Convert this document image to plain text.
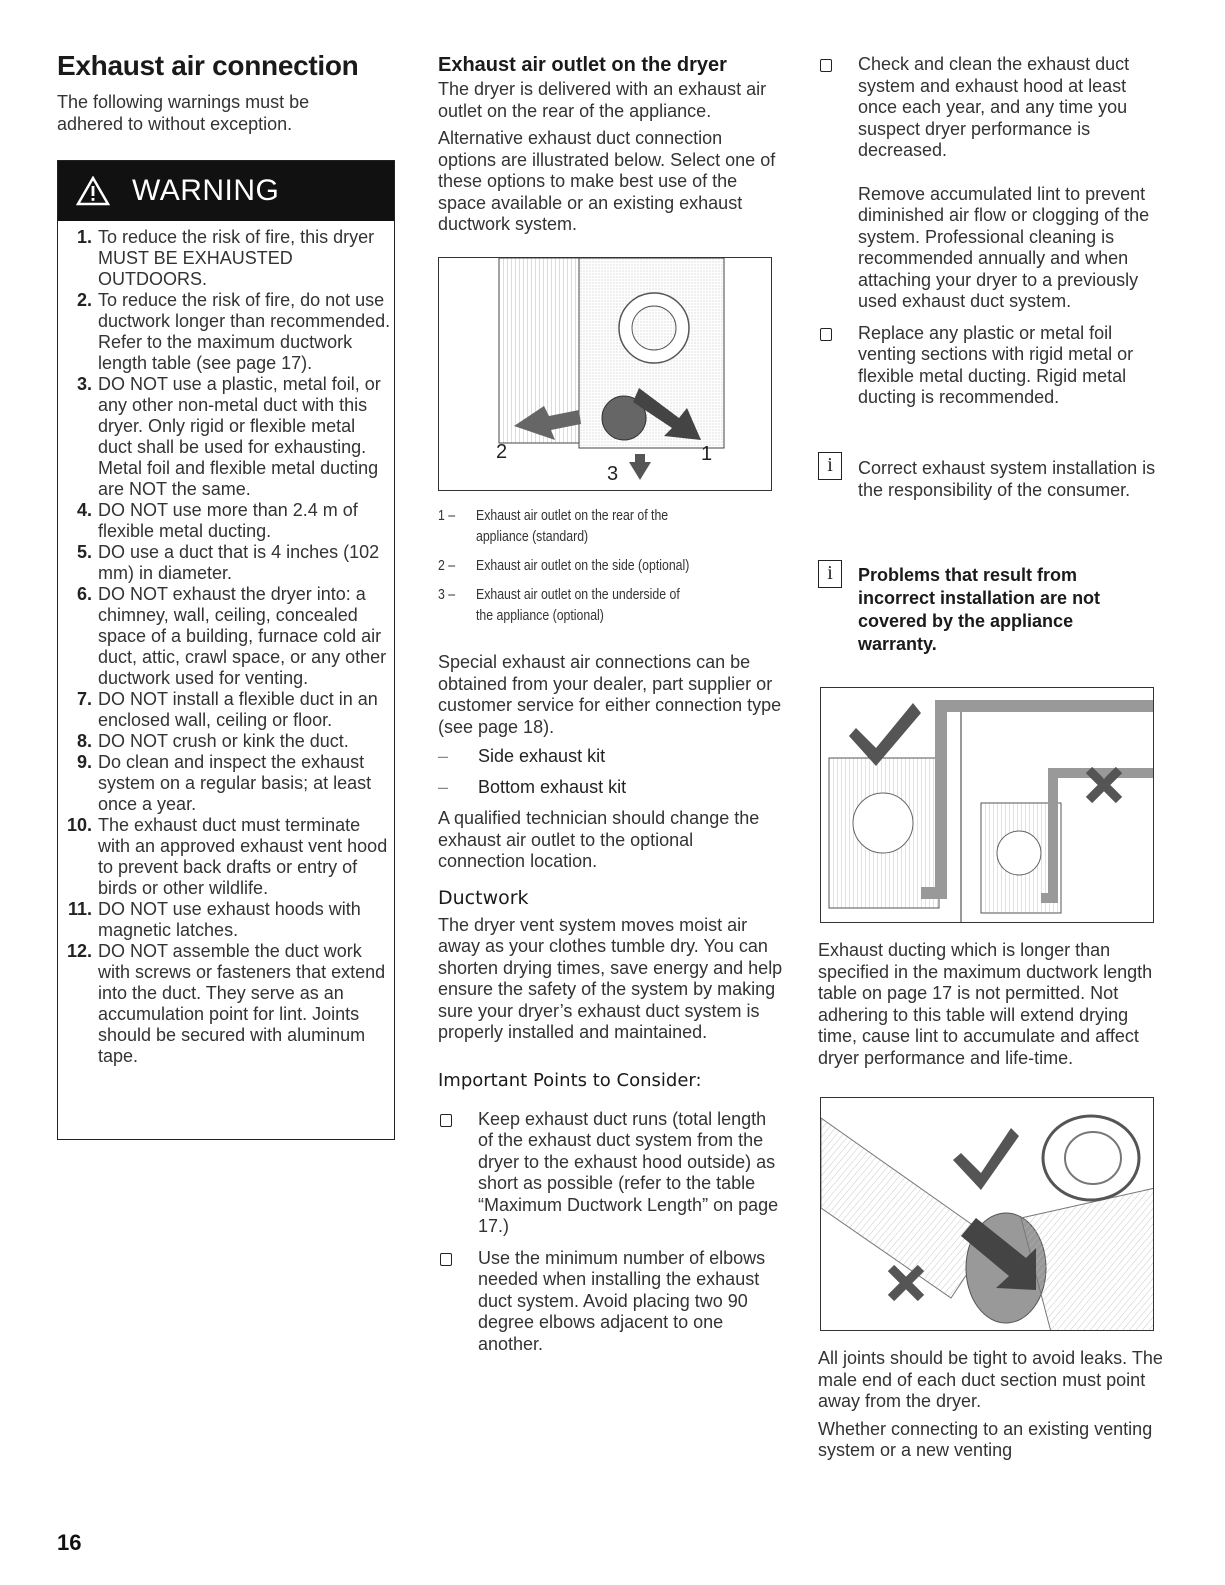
Exhaust air connection

The following warnings must be adhered to without exception.

WARNING
1. To reduce the risk of fire, this dryer MUST BE EXHAUSTED OUTDOORS.
2. To reduce the risk of fire, do not use ductwork longer than recommended. Refer to the maximum ductwork length table (see page 17).
3. DO NOT use a plastic, metal foil, or any other non-metal duct with this dryer. Only rigid or flexible metal duct shall be used for exhausting. Metal foil and flexible metal ducting are NOT the same.
4. DO NOT use more than 2.4 m of flexible metal ducting.
5. DO use a duct that is 4 inches (102 mm) in diameter.
6. DO NOT exhaust the dryer into: a chimney, wall, ceiling, concealed space of a building, furnace cold air duct, attic, crawl space, or any other ductwork used for venting.
7. DO NOT install a flexible duct in an enclosed wall, ceiling or floor.
8. DO NOT crush or kink the duct.
9. Do clean and inspect the exhaust system on a regular basis; at least once a year.
10. The exhaust duct must terminate with an approved exhaust vent hood to prevent back drafts or entry of birds or other wildlife.
11. DO NOT use exhaust hoods with magnetic latches.
12. DO NOT assemble the duct work with screws or fasteners that extend into the duct. They serve as an accumulation point for lint. Joints should be secured with aluminum tape.

Exhaust air outlet on the dryer

The dryer is delivered with an exhaust air outlet on the rear of the appliance.

Alternative exhaust duct connection options are illustrated below. Select one of these options to make best use of the space available or an existing exhaust ductwork system.

2
3
1
1 – Exhaust air outlet on the rear of the
appliance (standard)
2 – Exhaust air outlet on the side (optional)
3 – Exhaust air outlet on the underside of
the appliance (optional)

Special exhaust air connections can be obtained from your dealer, part supplier or customer service for either connection type (see page 18).

– Side exhaust kit
– Bottom exhaust kit

A qualified technician should change the exhaust air outlet to the optional connection location.

Ductwork

The dryer vent system moves moist air away as your clothes tumble dry. You can shorten drying times, save energy and help ensure the safety of the system by making sure your dryer’s exhaust duct system is properly installed and maintained.

Important Points to Consider:

Keep exhaust duct runs (total length of the exhaust duct system from the dryer to the exhaust hood outside) as short as possible (refer to the table “Maximum Ductwork Length” on page 17.)
Use the minimum number of elbows needed when installing the exhaust duct system. Avoid placing two 90 degree elbows adjacent to one another.
Check and clean the exhaust duct system and exhaust hood at least once each year, and any time you suspect dryer performance is decreased.

Remove accumulated lint to prevent diminished air flow or clogging of the system. Professional cleaning is recommended annually and when attaching your dryer to a previously used exhaust duct system.

Replace any plastic or metal foil venting sections with rigid metal or flexible metal ducting. Rigid metal ducting is recommended.
i	Correct exhaust system installation is the responsibility of the consumer.

i	Problems that result from incorrect installation are not covered by the appliance warranty.

Exhaust ducting which is longer than specified in the maximum ductwork length table on page 17 is not permitted. Not adhering to this table will extend drying time, cause lint to accumulate and affect dryer performance and life-time.

All joints should be tight to avoid leaks. The male end of each duct section must point away from the dryer.

Whether connecting to an existing venting system or a new venting

16
